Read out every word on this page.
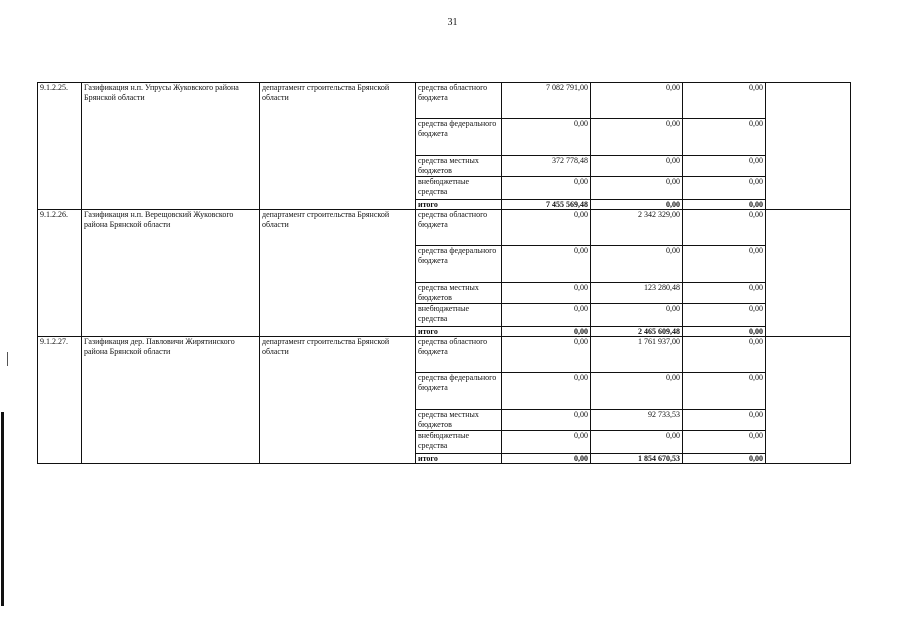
31
9.1.2.25.	Газификация н.п. Упрусы Жуковского района Брянской области	департамент строительства Брянской области	средства областного бюджета	7 082 791,00	0,00	0,00	
			средства федерального бюджета	0,00	0,00	0,00	
			средства местных бюджетов	372 778,48	0,00	0,00	
			внебюджетные средства	0,00	0,00	0,00	
			итого	7 455 569,48	0,00	0,00	
9.1.2.26.	Газификация н.п. Верещовский Жуковского района Брянской области	департамент строительства Брянской области	средства областного бюджета	0,00	2 342 329,00	0,00	
			средства федерального бюджета	0,00	0,00	0,00	
			средства местных бюджетов	0,00	123 280,48	0,00	
			внебюджетные средства	0,00	0,00	0,00	
			итого	0,00	2 465 609,48	0,00	
9.1.2.27.	Газификация дер. Павловичи Жирятинского района Брянской области	департамент строительства Брянской области	средства областного бюджета	0,00	1 761 937,00	0,00	
			средства федерального бюджета	0,00	0,00	0,00	
			средства местных бюджетов	0,00	92 733,53	0,00	
			внебюджетные средства	0,00	0,00	0,00	
			итого	0,00	1 854 670,53	0,00	
